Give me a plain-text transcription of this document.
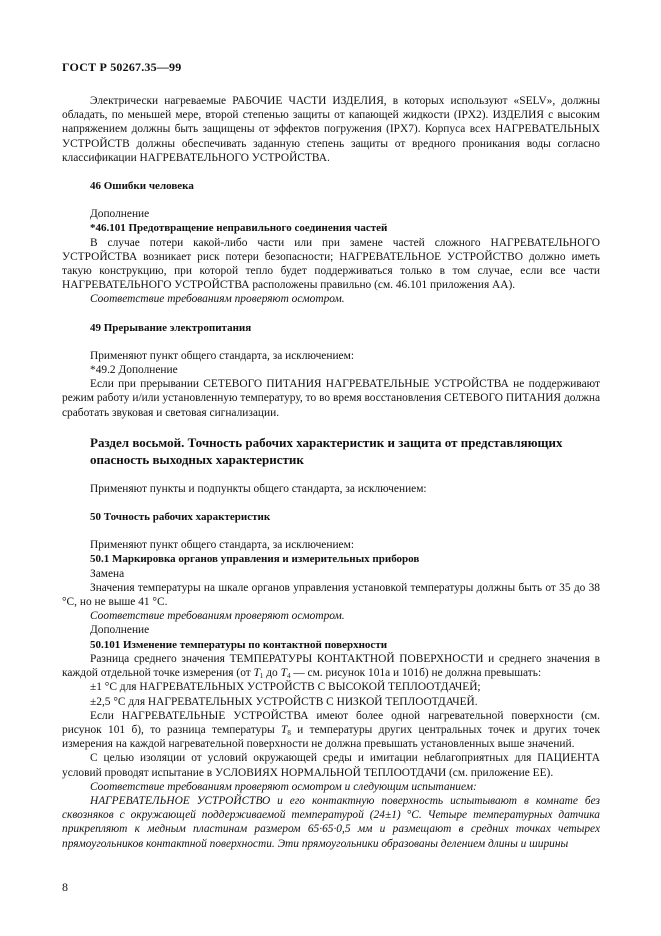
ГОСТ Р 50267.35—99

Электрически нагреваемые РАБОЧИЕ ЧАСТИ ИЗДЕЛИЯ, в которых используют «SELV», должны обладать, по меньшей мере, второй степенью защиты от капающей жидкости (IPX2). ИЗДЕЛИЯ с высоким напряжением должны быть защищены от эффектов погружения (IPX7). Корпуса всех НАГРЕВАТЕЛЬНЫХ УСТРОЙСТВ должны обеспечивать заданную степень защиты от вредного проникания воды согласно классификации НАГРЕВАТЕЛЬНОГО УСТРОЙСТВА.

46 Ошибки человека

Дополнение

*46.101 Предотвращение неправильного соединения частей

В случае потери какой-либо части или при замене частей сложного НАГРЕВАТЕЛЬНОГО УСТРОЙСТВА возникает риск потери безопасности; НАГРЕВАТЕЛЬНОЕ УСТРОЙСТВО должно иметь такую конструкцию, при которой тепло будет поддерживаться только в том случае, если все части НАГРЕВАТЕЛЬНОГО УСТРОЙСТВА расположены правильно (см. 46.101 приложения АА).

Соответствие требованиям проверяют осмотром.

49 Прерывание электропитания

Применяют пункт общего стандарта, за исключением:

*49.2 Дополнение

Если при прерывании СЕТЕВОГО ПИТАНИЯ НАГРЕВАТЕЛЬНЫЕ УСТРОЙСТВА не поддерживают режим работу и/или установленную температуру, то во время восстановления СЕТЕВОГО ПИТАНИЯ должна сработать звуковая и световая сигнализации.

Раздел восьмой. Точность рабочих характеристик и защита от представляющих опасность выходных характеристик

Применяют пункты и подпункты общего стандарта, за исключением:

50 Точность рабочих характеристик

Применяют пункт общего стандарта, за исключением:

50.1 Маркировка органов управления и измерительных приборов

Замена

Значения температуры на шкале органов управления установкой температуры должны быть от 35 до 38 °С, но не выше 41 °С.

Соответствие требованиям проверяют осмотром.

Дополнение

50.101 Изменение температуры по контактной поверхности

Разница среднего значения ТЕМПЕРАТУРЫ КОНТАКТНОЙ ПОВЕРХНОСТИ и среднего значения в каждой отдельной точке измерения (от $T_1$ до $T_4$ — см. рисунок 101а и 101б) не должна превышать:

±1 °С для НАГРЕВАТЕЛЬНЫХ УСТРОЙСТВ С ВЫСОКОЙ ТЕПЛООТДАЧЕЙ;

±2,5 °С для НАГРЕВАТЕЛЬНЫХ УСТРОЙСТВ С НИЗКОЙ ТЕПЛООТДАЧЕЙ.

Если НАГРЕВАТЕЛЬНЫЕ УСТРОЙСТВА имеют более одной нагревательной поверхности (см. рисунок 101 б), то разница температуры $T_8$ и температуры других центральных точек и других точек измерения на каждой нагревательной поверхности не должна превышать установленных выше значений.

С целью изоляции от условий окружающей среды и имитации неблагоприятных для ПАЦИЕНТА условий проводят испытание в УСЛОВИЯХ НОРМАЛЬНОЙ ТЕПЛООТДАЧИ (см. приложение ЕЕ).

Соответствие требованиям проверяют осмотром и следующим испытанием:

НАГРЕВАТЕЛЬНОЕ УСТРОЙСТВО и его контактную поверхность испытывают в комнате без сквозняков с окружающей поддерживаемой температурой (24±1) °С. Четыре температурных датчика прикрепляют к медным пластинам размером 65·65·0,5 мм и размещают в средних точках четырех прямоугольников контактной поверхности. Эти прямоугольники образованы делением длины и ширины

8
